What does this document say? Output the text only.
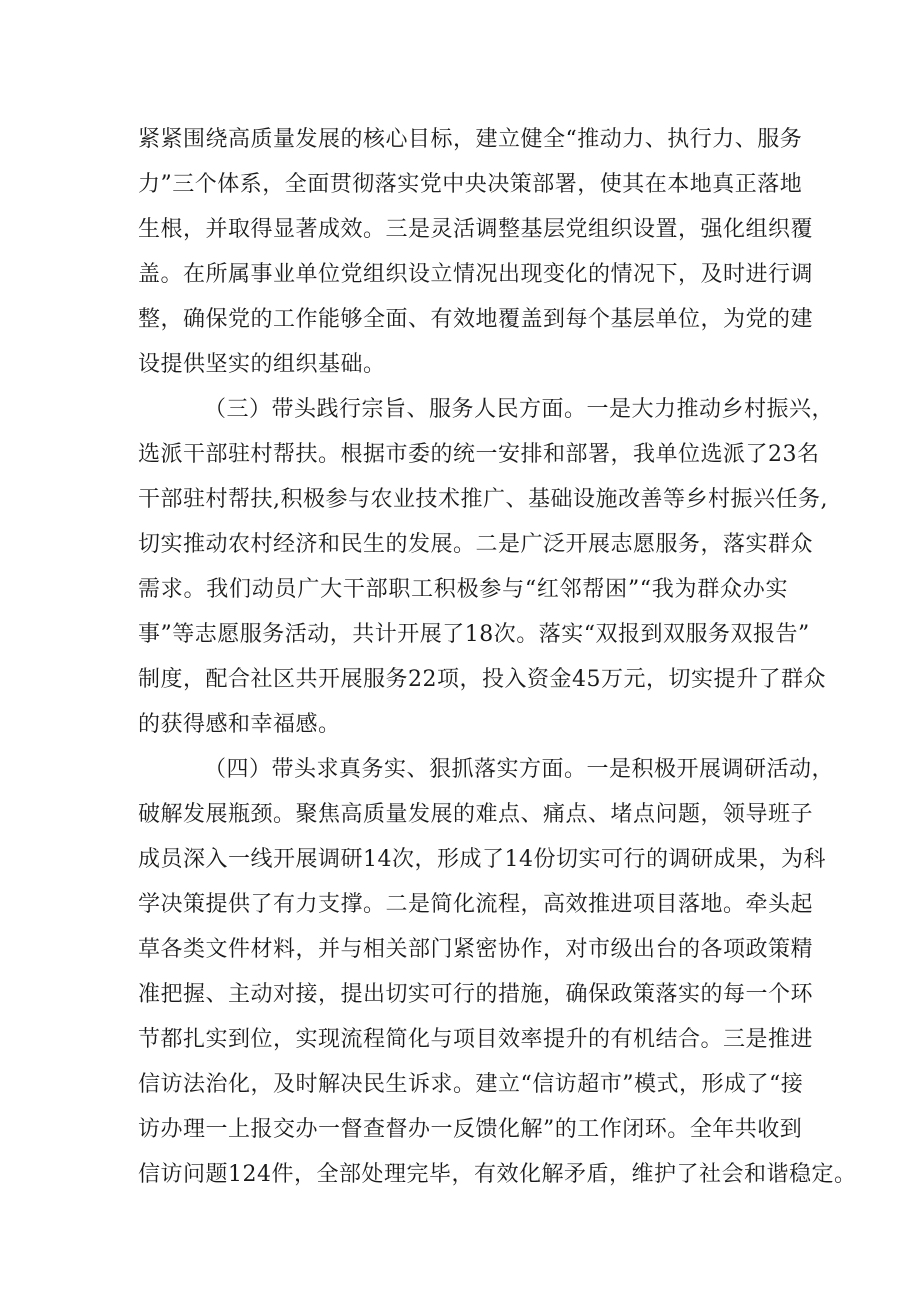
紧紧围绕高质量发展的核心目标，建立健全“推动力、执行力、服务
力”三个体系，全面贯彻落实党中央决策部署，使其在本地真正落地
生根，并取得显著成效。三是灵活调整基层党组织设置，强化组织覆
盖。在所属事业单位党组织设立情况出现变化的情况下，及时进行调
整，确保党的工作能够全面、有效地覆盖到每个基层单位，为党的建
设提供坚实的组织基础。
（三）带头践行宗旨、服务人民方面。一是大力推动乡村振兴，
选派干部驻村帮扶。根据市委的统一安排和部署，我单位选派了23名
干部驻村帮扶,积极参与农业技术推广、基础设施改善等乡村振兴任务,
切实推动农村经济和民生的发展。二是广泛开展志愿服务，落实群众
需求。我们动员广大干部职工积极参与“红邻帮困”“我为群众办实
事”等志愿服务活动，共计开展了18次。落实“双报到双服务双报告”
制度，配合社区共开展服务22项，投入资金45万元，切实提升了群众
的获得感和幸福感。
（四）带头求真务实、狠抓落实方面。一是积极开展调研活动，
破解发展瓶颈。聚焦高质量发展的难点、痛点、堵点问题，领导班子
成员深入一线开展调研14次，形成了14份切实可行的调研成果，为科
学决策提供了有力支撑。二是简化流程，高效推进项目落地。牵头起
草各类文件材料，并与相关部门紧密协作，对市级出台的各项政策精
准把握、主动对接，提出切实可行的措施，确保政策落实的每一个环
节都扎实到位，实现流程简化与项目效率提升的有机结合。三是推进
信访法治化，及时解决民生诉求。建立“信访超市”模式，形成了“接
访办理一上报交办一督查督办一反馈化解”的工作闭环。全年共收到
信访问题124件，全部处理完毕，有效化解矛盾，维护了社会和谐稳定。
